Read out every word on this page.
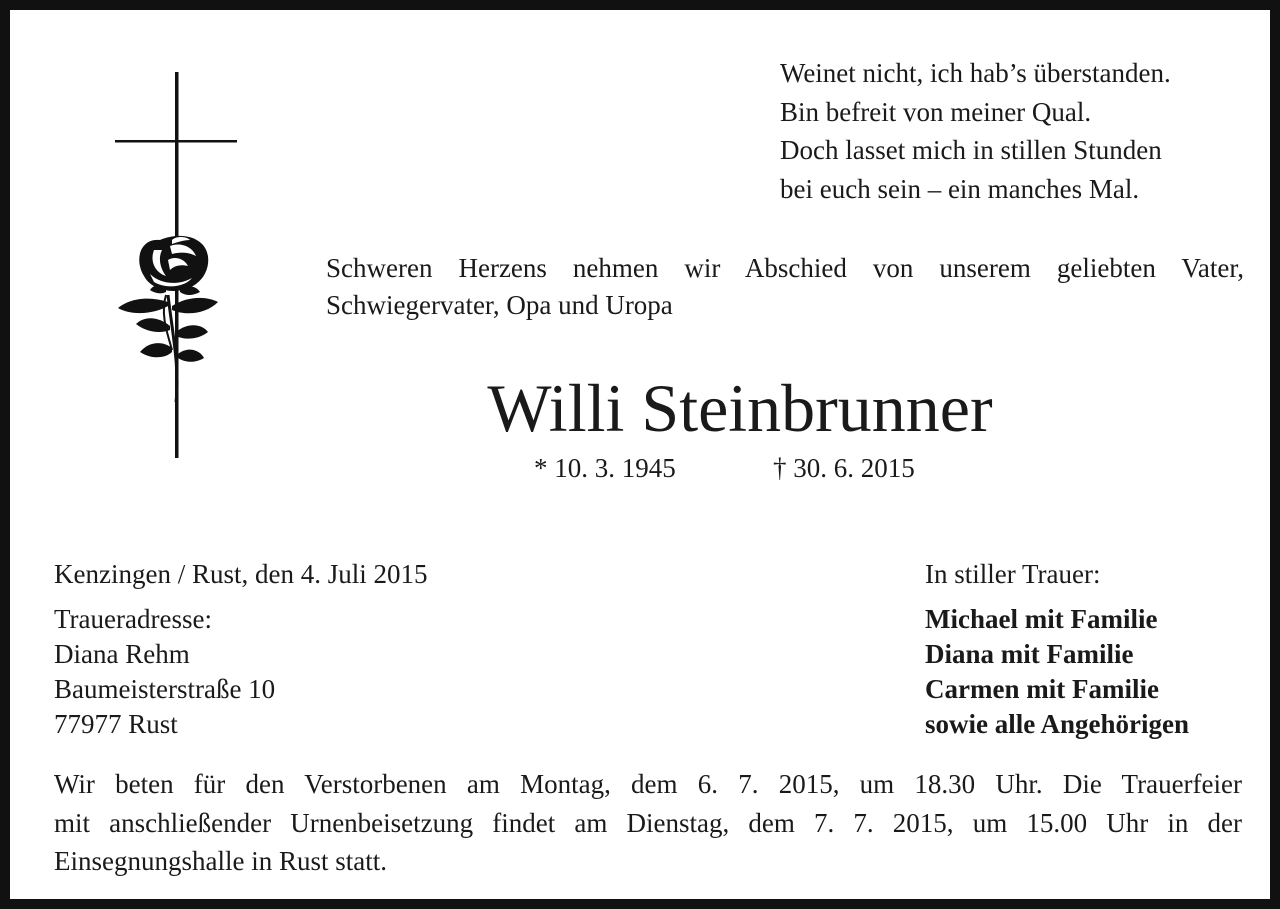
Weinet nicht, ich hab’s überstanden.
Bin befreit von meiner Qual.
Doch lasset mich in stillen Stunden
bei euch sein – ein manches Mal.
Schweren Herzens nehmen wir Abschied von unserem geliebten Vater,
Schwiegervater, Opa und Uropa
Willi Steinbrunner
* 10. 3. 1945	† 30. 6. 2015
Kenzingen / Rust, den 4. Juli 2015
Traueradresse:
Diana Rehm
Baumeisterstraße 10
77977 Rust
In stiller Trauer:
Michael mit Familie
Diana mit Familie
Carmen mit Familie
sowie alle Angehörigen
Wir beten für den Verstorbenen am Montag, dem 6. 7. 2015, um 18.30 Uhr. Die Trauerfeier
mit anschließender Urnenbeisetzung findet am Dienstag, dem 7. 7. 2015, um 15.00 Uhr in der
Einsegnungshalle in Rust statt.
